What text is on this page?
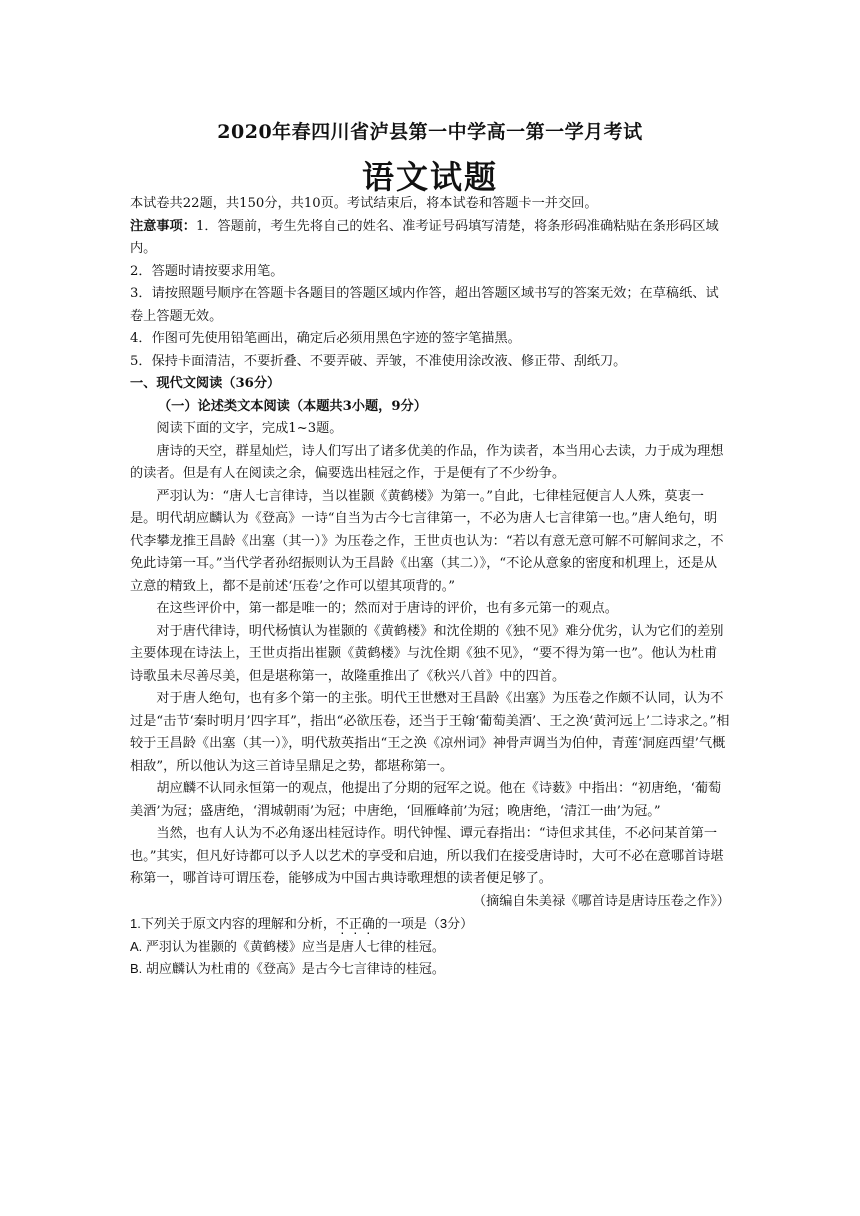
2020年春四川省泸县第一中学高一第一学月考试
语文试题

本试卷共22题，共150分，共10页。考试结束后，将本试卷和答题卡一并交回。

注意事项：1．答题前，考生先将自己的姓名、准考证号码填写清楚，将条形码准确粘贴在条形码区域内。

2．答题时请按要求用笔。

3．请按照题号顺序在答题卡各题目的答题区域内作答，超出答题区域书写的答案无效；在草稿纸、试卷上答题无效。

4．作图可先使用铅笔画出，确定后必须用黑色字迹的签字笔描黑。

5．保持卡面清洁，不要折叠、不要弄破、弄皱，不准使用涂改液、修正带、刮纸刀。

一、现代文阅读（36分）

（一）论述类文本阅读（本题共3小题，9分）

阅读下面的文字，完成1~3题。

唐诗的天空，群星灿烂，诗人们写出了诸多优美的作品，作为读者，本当用心去读，力于成为理想的读者。但是有人在阅读之余，偏要选出桂冠之作，于是便有了不少纷争。

严羽认为：“唐人七言律诗，当以崔颢《黄鹤楼》为第一。”自此，七律桂冠便言人人殊，莫衷一是。明代胡应麟认为《登高》一诗“自当为古今七言律第一，不必为唐人七言律第一也。”唐人绝句，明代李攀龙推王昌龄《出塞（其一）》为压卷之作，王世贞也认为：“若以有意无意可解不可解间求之，不免此诗第一耳。”当代学者孙绍振则认为王昌龄《出塞（其二）》，“不论从意象的密度和机理上，还是从立意的精致上，都不是前述‘压卷’之作可以望其项背的。”

在这些评价中，第一都是唯一的；然而对于唐诗的评价，也有多元第一的观点。

对于唐代律诗，明代杨慎认为崔颢的《黄鹤楼》和沈佺期的《独不见》难分优劣，认为它们的差别主要体现在诗法上，王世贞指出崔颢《黄鹤楼》与沈佺期《独不见》，“要不得为第一也”。他认为杜甫诗歌虽未尽善尽美，但是堪称第一，故隆重推出了《秋兴八首》中的四首。

对于唐人绝句，也有多个第一的主张。明代王世懋对王昌龄《出塞》为压卷之作颇不认同，认为不过是“击节‘秦时明月’四字耳”，指出“必欲压卷，还当于王翰‘葡萄美酒’、王之涣‘黄河远上’二诗求之。”相较于王昌龄《出塞（其一）》，明代敖英指出“王之涣《凉州词》神骨声调当为伯仲，青莲‘洞庭西望’气概相敌”，所以他认为这三首诗呈鼎足之势，都堪称第一。

胡应麟不认同永恒第一的观点，他提出了分期的冠军之说。他在《诗薮》中指出：“初唐绝，‘葡萄美酒’为冠；盛唐绝，‘渭城朝雨’为冠；中唐绝，‘回雁峰前’为冠；晚唐绝，‘清江一曲’为冠。”

当然，也有人认为不必角逐出桂冠诗作。明代钟惺、谭元春指出：“诗但求其佳，不必问某首第一也。”其实，但凡好诗都可以予人以艺术的享受和启迪，所以我们在接受唐诗时，大可不必在意哪首诗堪称第一，哪首诗可谓压卷，能够成为中国古典诗歌理想的读者便足够了。

（摘编自朱美禄《哪首诗是唐诗压卷之作》）

1.下列关于原文内容的理解和分析，不正确的一项是（3分）

A. 严羽认为崔颢的《黄鹤楼》应当是唐人七律的桂冠。

B. 胡应麟认为杜甫的《登高》是古今七言律诗的桂冠。
